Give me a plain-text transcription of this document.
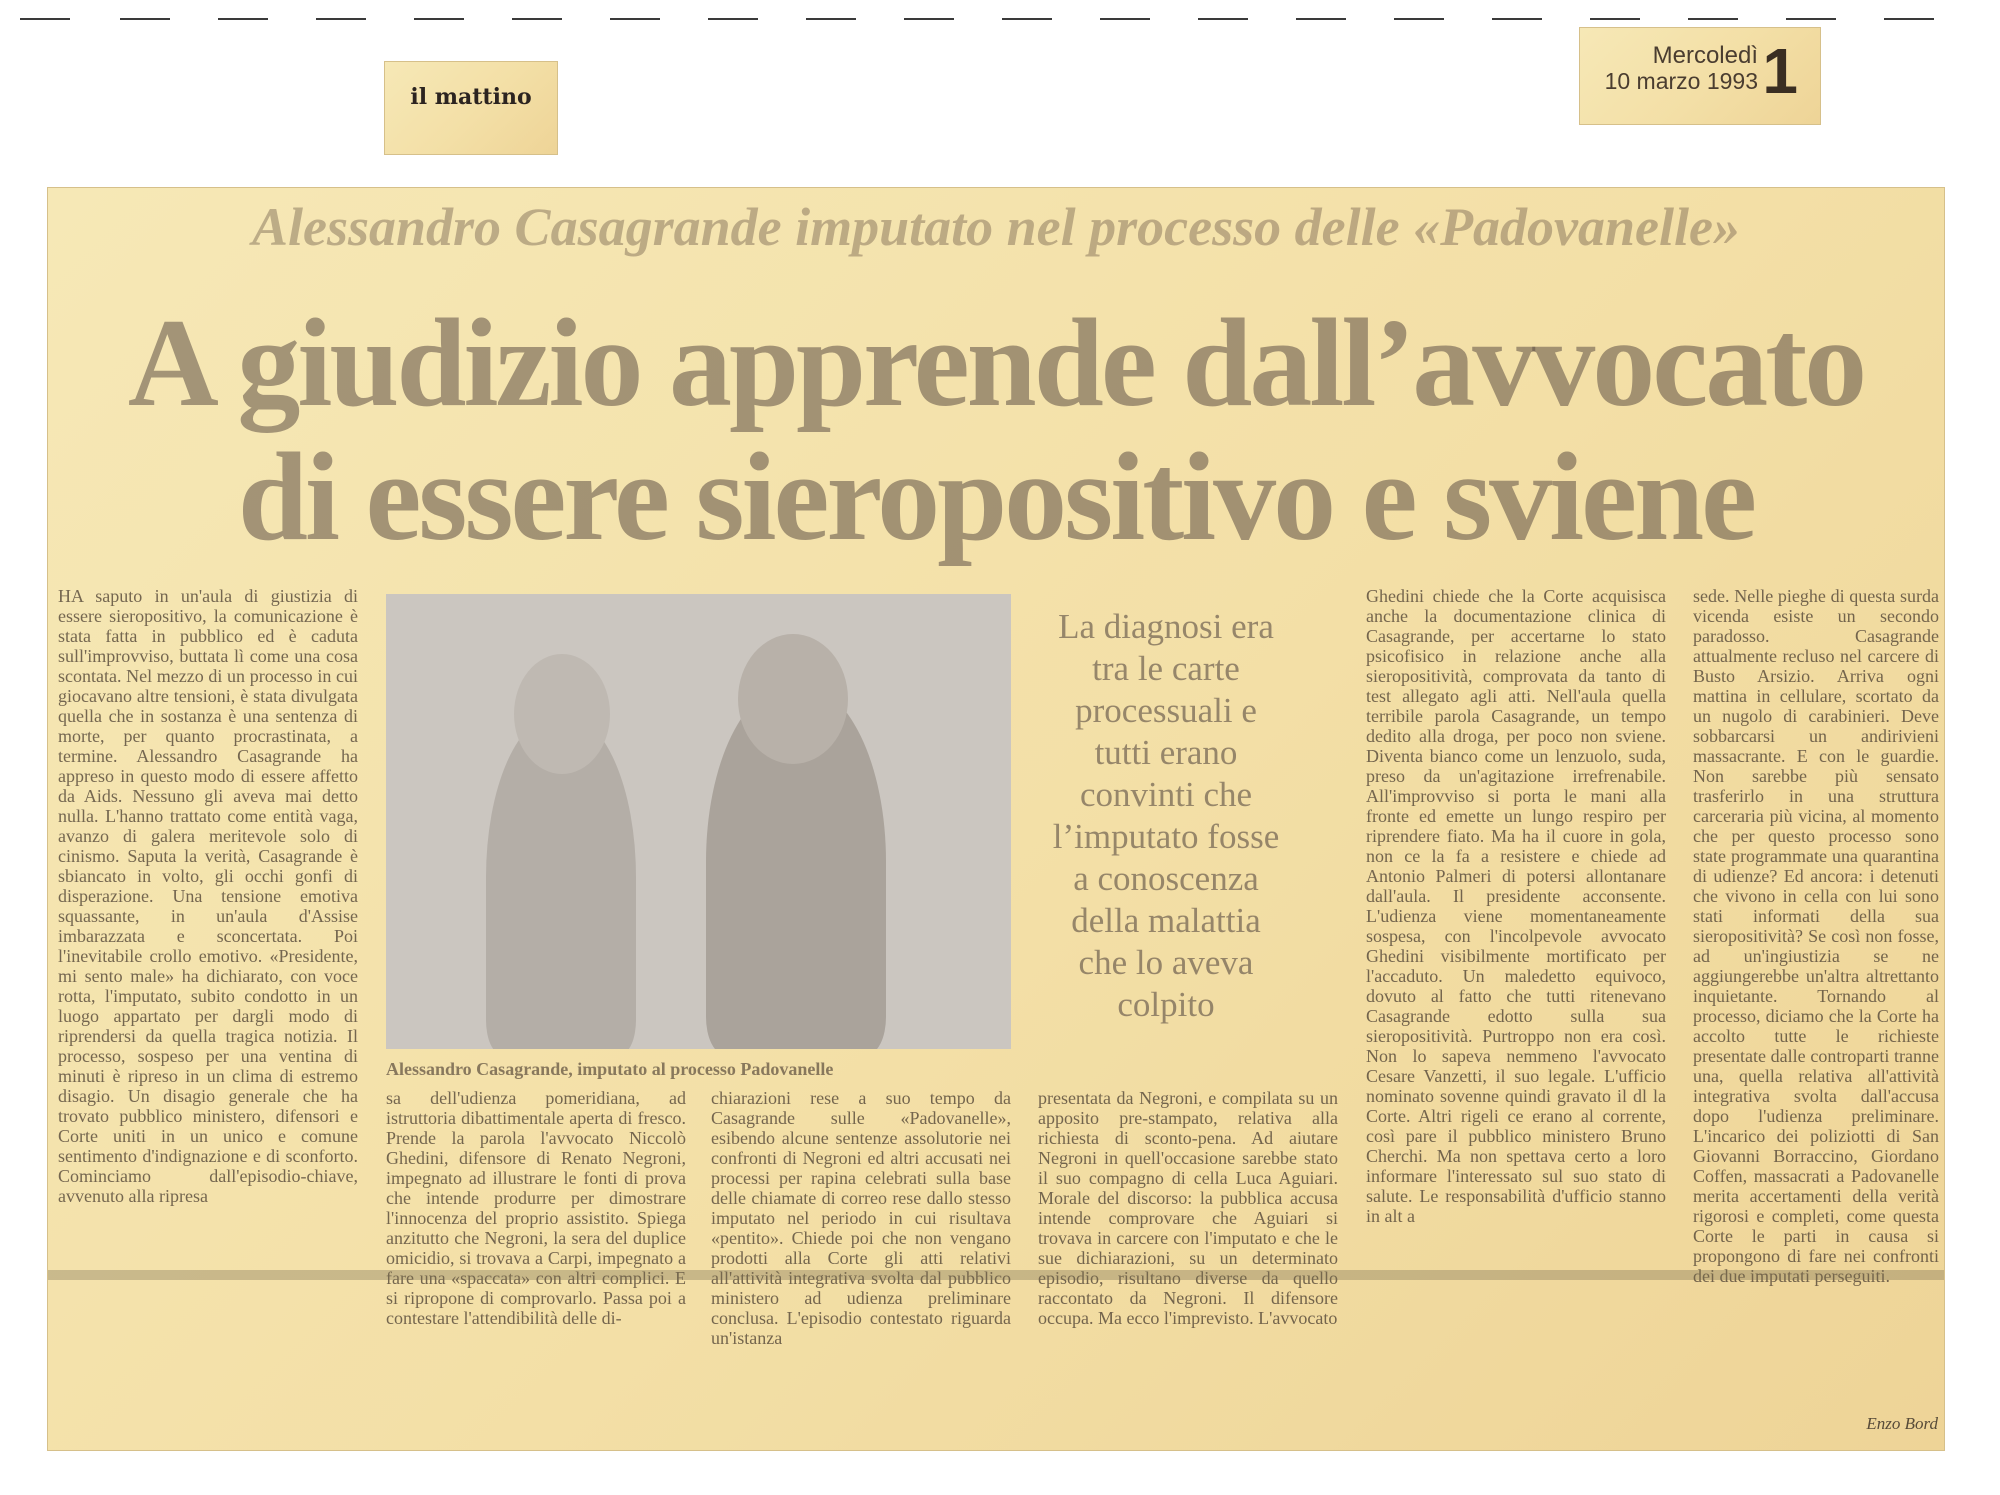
il mattino
Mercoledì
10 marzo 1993 1
Alessandro Casagrande imputato nel processo delle «Padovanelle»
A giudizio apprende dall’avvocato
di essere sieropositivo e sviene
HA saputo in un'aula di giustizia di essere sieropositivo, la comunicazione è stata fatta in pubblico ed è caduta sull'improvviso, buttata lì come una cosa scontata. Nel mezzo di un processo in cui giocavano altre tensioni, è stata divulgata quella che in sostanza è una sentenza di morte, per quanto procrastinata, a termine. Alessandro Casagrande ha appreso in questo modo di essere affetto da Aids. Nessuno gli aveva mai detto nulla. L'hanno trattato come entità vaga, avanzo di galera meritevole solo di cinismo. Saputa la verità, Casagrande è sbiancato in volto, gli occhi gonfi di disperazione. Una tensione emotiva squassante, in un'aula d'Assise imbarazzata e sconcertata. Poi l'inevitabile crollo emotivo. «Presidente, mi sento male» ha dichiarato, con voce rotta, l'imputato, subito condotto in un luogo appartato per dargli modo di riprendersi da quella tragica notizia. Il processo, sospeso per una ventina di minuti è ripreso in un clima di estremo disagio. Un disagio generale che ha trovato pubblico ministero, difensori e Corte uniti in un unico e comune sentimento d'indignazione e di sconforto. Cominciamo dall'episodio-chiave, avvenuto alla ripresa
Alessandro Casagrande, imputato al processo Padovanelle
La diagnosi era tra le carte processuali e tutti erano convinti che l’imputato fosse a conoscenza della malattia che lo aveva colpito
sa dell'udienza pomeridiana, ad istruttoria dibattimentale aperta di fresco. Prende la parola l'avvocato Niccolò Ghedini, difensore di Renato Negroni, impegnato ad illustrare le fonti di prova che intende produrre per dimostrare l'innocenza del proprio assistito. Spiega anzitutto che Negroni, la sera del duplice omicidio, si trovava a Carpi, impegnato a fare una «spaccata» con altri complici. E si ripropone di comprovarlo. Passa poi a contestare l'attendibilità delle di-
chiarazioni rese a suo tempo da Casagrande sulle «Padovanelle», esibendo alcune sentenze assolutorie nei confronti di Negroni ed altri accusati nei processi per rapina celebrati sulla base delle chiamate di correo rese dallo stesso imputato nel periodo in cui risultava «pentito». Chiede poi che non vengano prodotti alla Corte gli atti relativi all'attività integrativa svolta dal pubblico ministero ad udienza preliminare conclusa. L'episodio contestato riguarda un'istanza
presentata da Negroni, e compilata su un apposito pre-stampato, relativa alla richiesta di sconto-pena. Ad aiutare Negroni in quell'occasione sarebbe stato il suo compagno di cella Luca Aguiari. Morale del discorso: la pubblica accusa intende comprovare che Aguiari si trovava in carcere con l'imputato e che le sue dichiarazioni, su un determinato episodio, risultano diverse da quello raccontato da Negroni. Il difensore occupa. Ma ecco l'imprevisto. L'avvocato
Ghedini chiede che la Corte acquisisca anche la documentazione clinica di Casagrande, per accertarne lo stato psicofisico in relazione anche alla sieropositività, comprovata da tanto di test allegato agli atti. Nell'aula quella terribile parola Casagrande, un tempo dedito alla droga, per poco non sviene. Diventa bianco come un lenzuolo, suda, preso da un'agitazione irrefrenabile. All'improvviso si porta le mani alla fronte ed emette un lungo respiro per riprendere fiato. Ma ha il cuore in gola, non ce la fa a resistere e chiede ad Antonio Palmeri di potersi allontanare dall'aula. Il presidente acconsente. L'udienza viene momentaneamente sospesa, con l'incolpevole avvocato Ghedini visibilmente mortificato per l'accaduto. Un maledetto equivoco, dovuto al fatto che tutti ritenevano Casagrande edotto sulla sua sieropositività. Purtroppo non era così. Non lo sapeva nemmeno l'avvocato Cesare Vanzetti, il suo legale. L'ufficio nominato sovenne quindi gravato il dl la Corte. Altri rigeli ce erano al corrente, così pare il pubblico ministero Bruno Cherchi. Ma non spettava certo a loro informare l'interessato sul suo stato di salute. Le responsabilità d'ufficio stanno in alt a
sede. Nelle pieghe di questa surda vicenda esiste un secondo paradosso. Casagrande attualmente recluso nel carcere di Busto Arsizio. Arriva ogni mattina in cellulare, scortato da un nugolo di carabinieri. Deve sobbarcarsi un andirivieni massacrante. E con le guardie. Non sarebbe più sensato trasferirlo in una struttura carceraria più vicina, al momento che per questo processo sono state programmate una quarantina di udienze? Ed ancora: i detenuti che vivono in cella con lui sono stati informati della sua sieropositività? Se così non fosse, ad un'ingiustizia se ne aggiungerebbe un'altra altrettanto inquietante. Tornando al processo, diciamo che la Corte ha accolto tutte le richieste presentate dalle controparti tranne una, quella relativa all'attività integrativa svolta dall'accusa dopo l'udienza preliminare. L'incarico dei poliziotti di San Giovanni Borraccino, Giordano Coffen, massacrati a Padovanelle merita accertamenti della verità rigorosi e completi, come questa Corte le parti in causa si propongono di fare nei confronti dei due imputati perseguiti.
Enzo Bord
